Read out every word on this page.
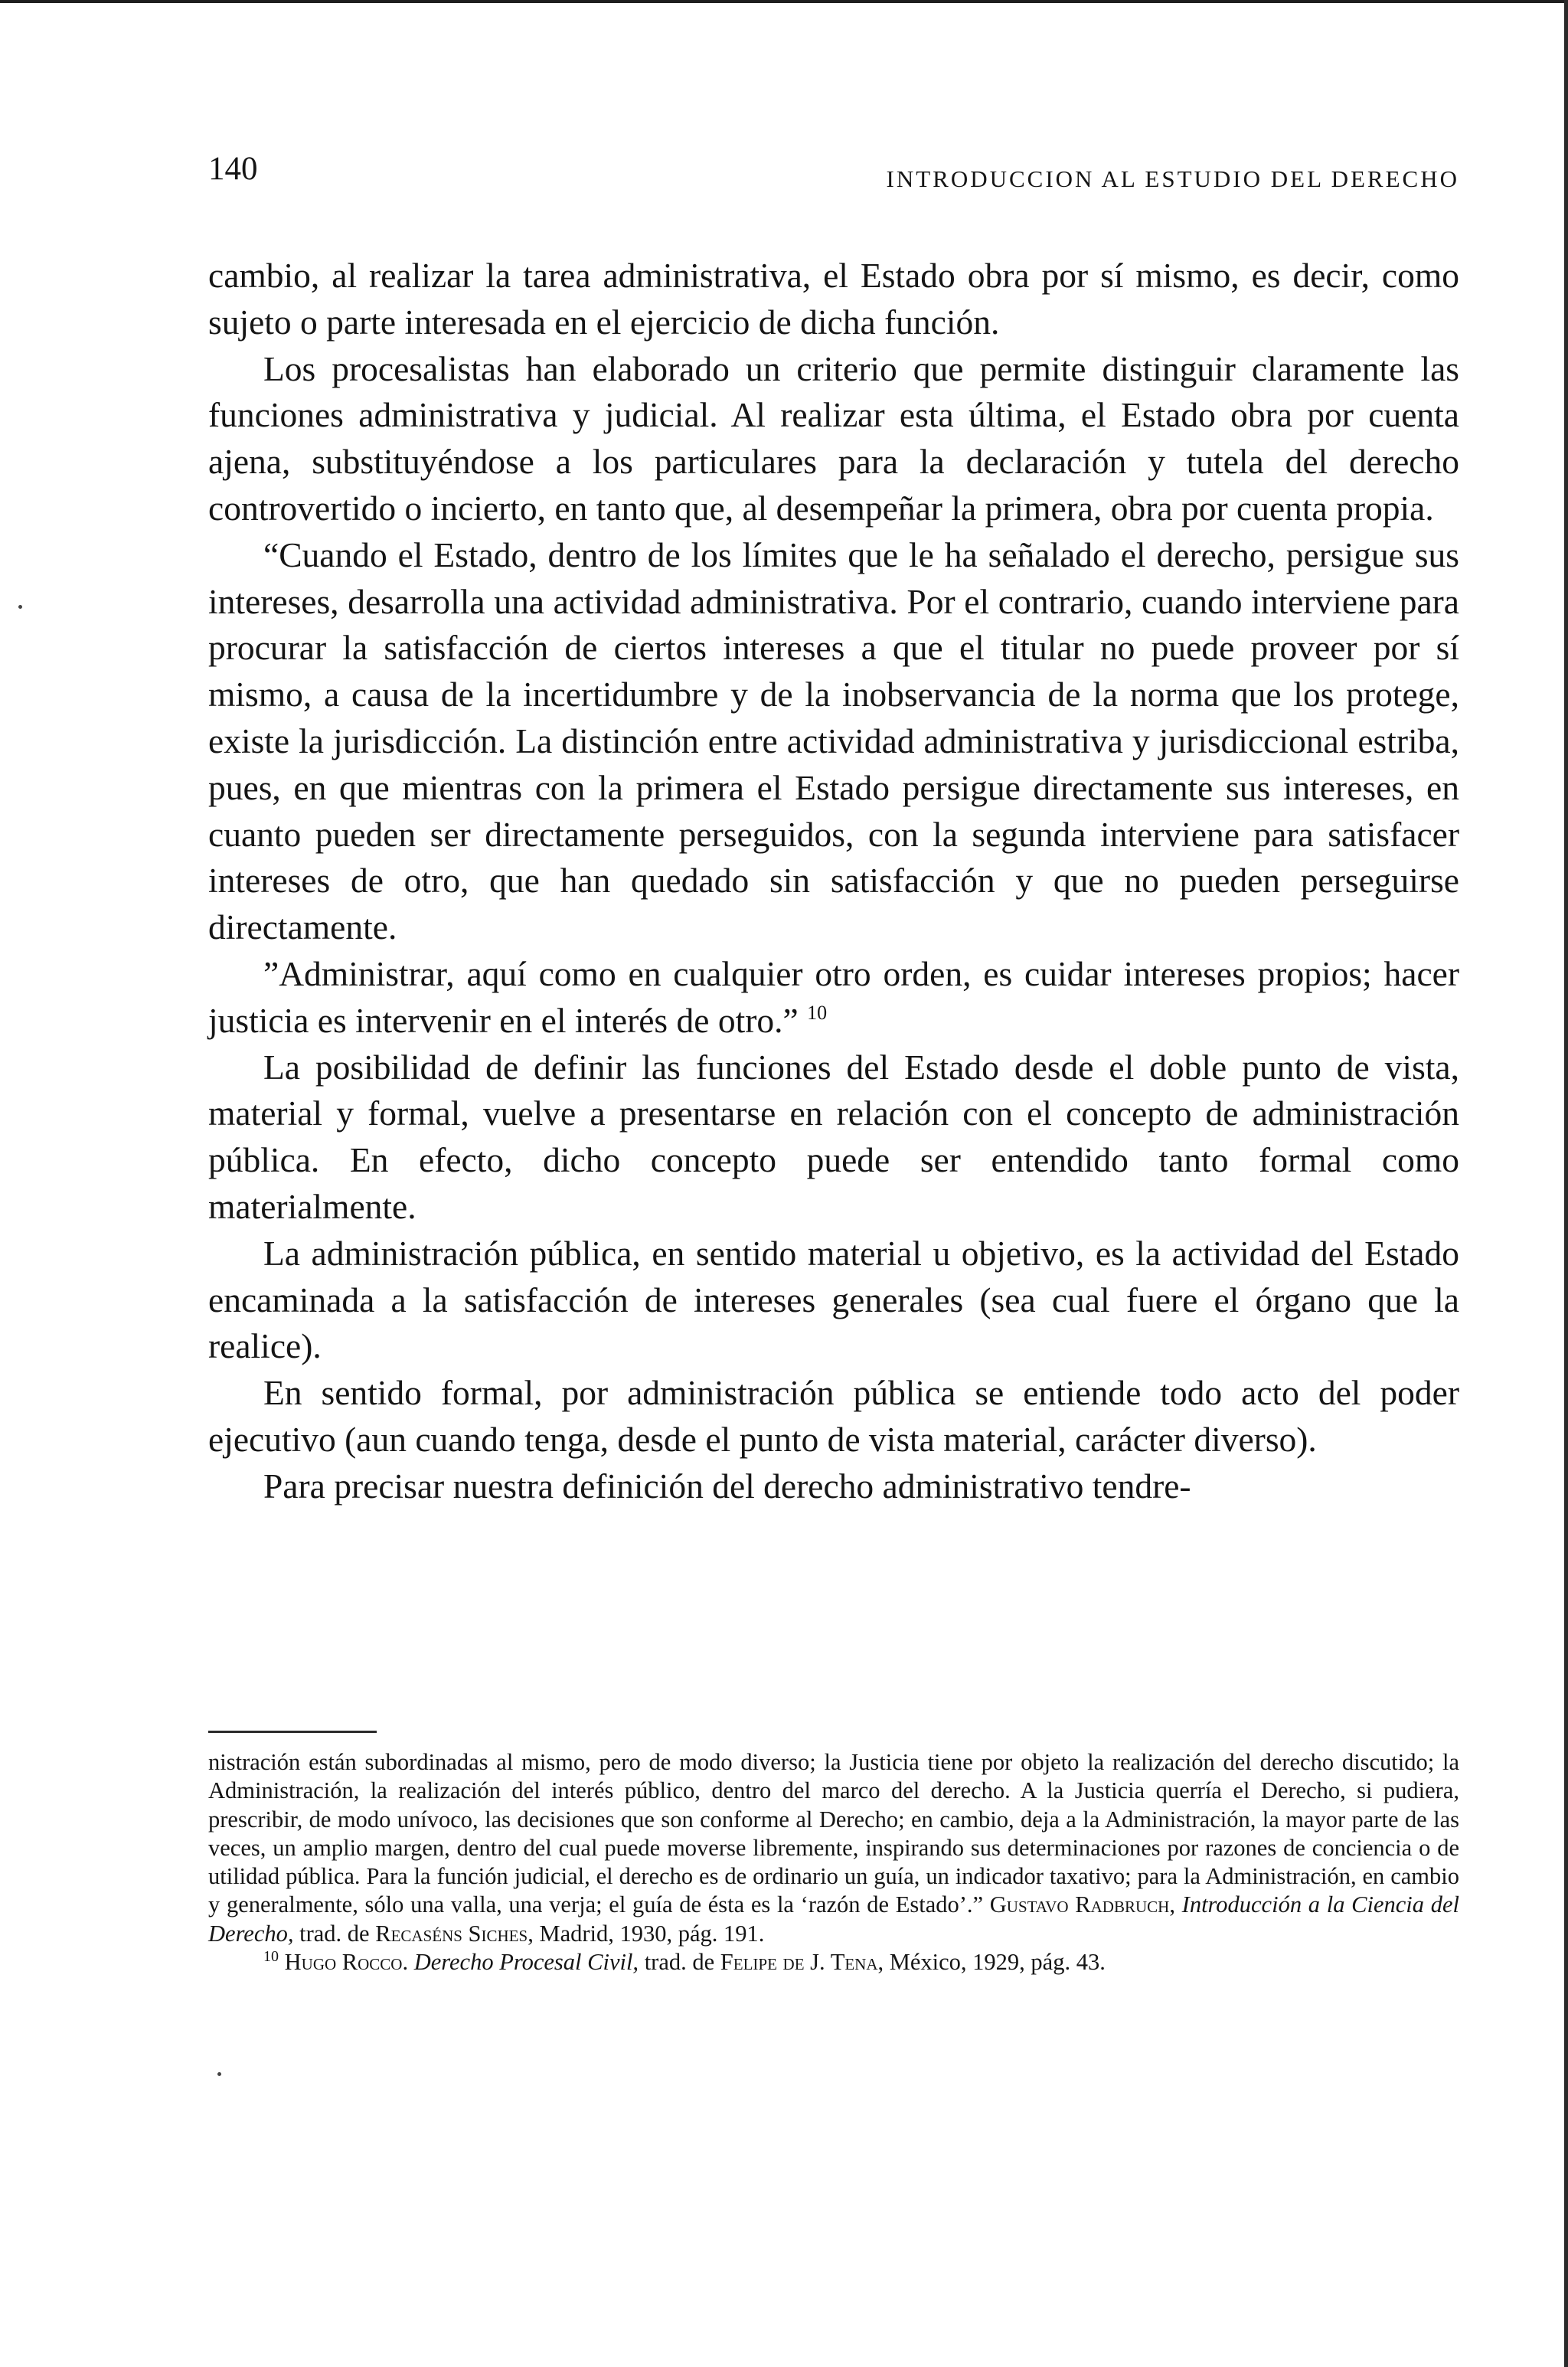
140	INTRODUCCION AL ESTUDIO DEL DERECHO

cambio, al realizar la tarea administrativa, el Estado obra por sí mismo, es decir, como sujeto o parte interesada en el ejercicio de dicha función.

Los procesalistas han elaborado un criterio que permite distinguir claramente las funciones administrativa y judicial. Al realizar esta última, el Estado obra por cuenta ajena, substituyéndose a los particulares para la declaración y tutela del derecho controvertido o incierto, en tanto que, al desempeñar la primera, obra por cuenta propia.

“Cuando el Estado, dentro de los límites que le ha señalado el derecho, persigue sus intereses, desarrolla una actividad administrativa. Por el contrario, cuando interviene para procurar la satisfacción de ciertos intereses a que el titular no puede proveer por sí mismo, a causa de la incertidumbre y de la inobservancia de la norma que los protege, existe la jurisdicción. La distinción entre actividad administrativa y jurisdiccional estriba, pues, en que mientras con la primera el Estado persigue directamente sus intereses, en cuanto pueden ser directamente perseguidos, con la segunda interviene para satisfacer intereses de otro, que han quedado sin satisfacción y que no pueden perseguirse directamente.

”Administrar, aquí como en cualquier otro orden, es cuidar intereses propios; hacer justicia es intervenir en el interés de otro.” $^{10}$

La posibilidad de definir las funciones del Estado desde el doble punto de vista, material y formal, vuelve a presentarse en relación con el concepto de administración pública. En efecto, dicho concepto puede ser entendido tanto formal como materialmente.

La administración pública, en sentido material u objetivo, es la actividad del Estado encaminada a la satisfacción de intereses generales (sea cual fuere el órgano que la realice).

En sentido formal, por administración pública se entiende todo acto del poder ejecutivo (aun cuando tenga, desde el punto de vista material, carácter diverso).

Para precisar nuestra definición del derecho administrativo tendre-

nistración están subordinadas al mismo, pero de modo diverso; la Justicia tiene por objeto la realización del derecho discutido; la Administración, la realización del interés público, dentro del marco del derecho. A la Justicia querría el Derecho, si pudiera, prescribir, de modo unívoco, las decisiones que son conforme al Derecho; en cambio, deja a la Administración, la mayor parte de las veces, un amplio margen, dentro del cual puede moverse libremente, inspirando sus determinaciones por razones de conciencia o de utilidad pública. Para la función judicial, el derecho es de ordinario un guía, un indicador taxativo; para la Administración, en cambio y generalmente, sólo una valla, una verja; el guía de ésta es la ‘razón de Estado’.” Gustavo Radbruch, Introducción a la Ciencia del Derecho, trad. de Recaséns Siches, Madrid, 1930, pág. 191.

$^{10}$ Hugo Rocco. Derecho Procesal Civil, trad. de Felipe de J. Tena, México, 1929, pág. 43.
